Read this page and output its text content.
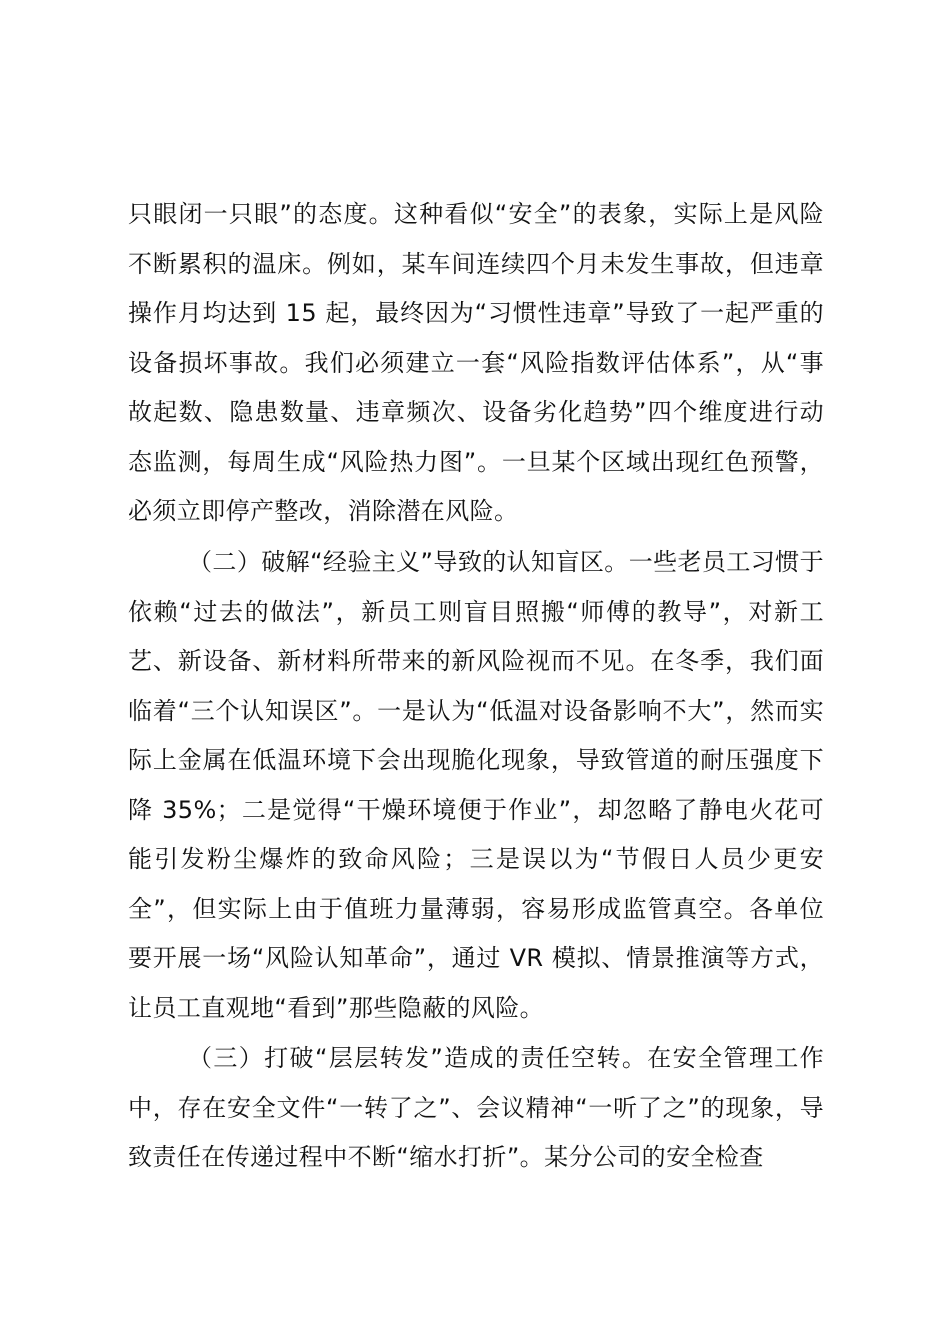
只眼闭一只眼”的态度。这种看似“安全”的表象，实际上是风险不断累积的温床。例如，某车间连续四个月未发生事故，但违章操作月均达到 15 起，最终因为“习惯性违章”导致了一起严重的设备损坏事故。我们必须建立一套“风险指数评估体系”，从“事故起数、隐患数量、违章频次、设备劣化趋势”四个维度进行动态监测，每周生成“风险热力图”。一旦某个区域出现红色预警，必须立即停产整改，消除潜在风险。

（二）破解“经验主义”导致的认知盲区。一些老员工习惯于依赖“过去的做法”，新员工则盲目照搬“师傅的教导”，对新工艺、新设备、新材料所带来的新风险视而不见。在冬季，我们面临着“三个认知误区”。一是认为“低温对设备影响不大”，然而实际上金属在低温环境下会出现脆化现象，导致管道的耐压强度下降 35%；二是觉得“干燥环境便于作业”，却忽略了静电火花可能引发粉尘爆炸的致命风险；三是误以为“节假日人员少更安全”，但实际上由于值班力量薄弱，容易形成监管真空。各单位要开展一场“风险认知革命”，通过 VR 模拟、情景推演等方式，让员工直观地“看到”那些隐蔽的风险。

（三）打破“层层转发”造成的责任空转。在安全管理工作中，存在安全文件“一转了之”、会议精神“一听了之”的现象，导致责任在传递过程中不断“缩水打折”。某分公司的安全检查
